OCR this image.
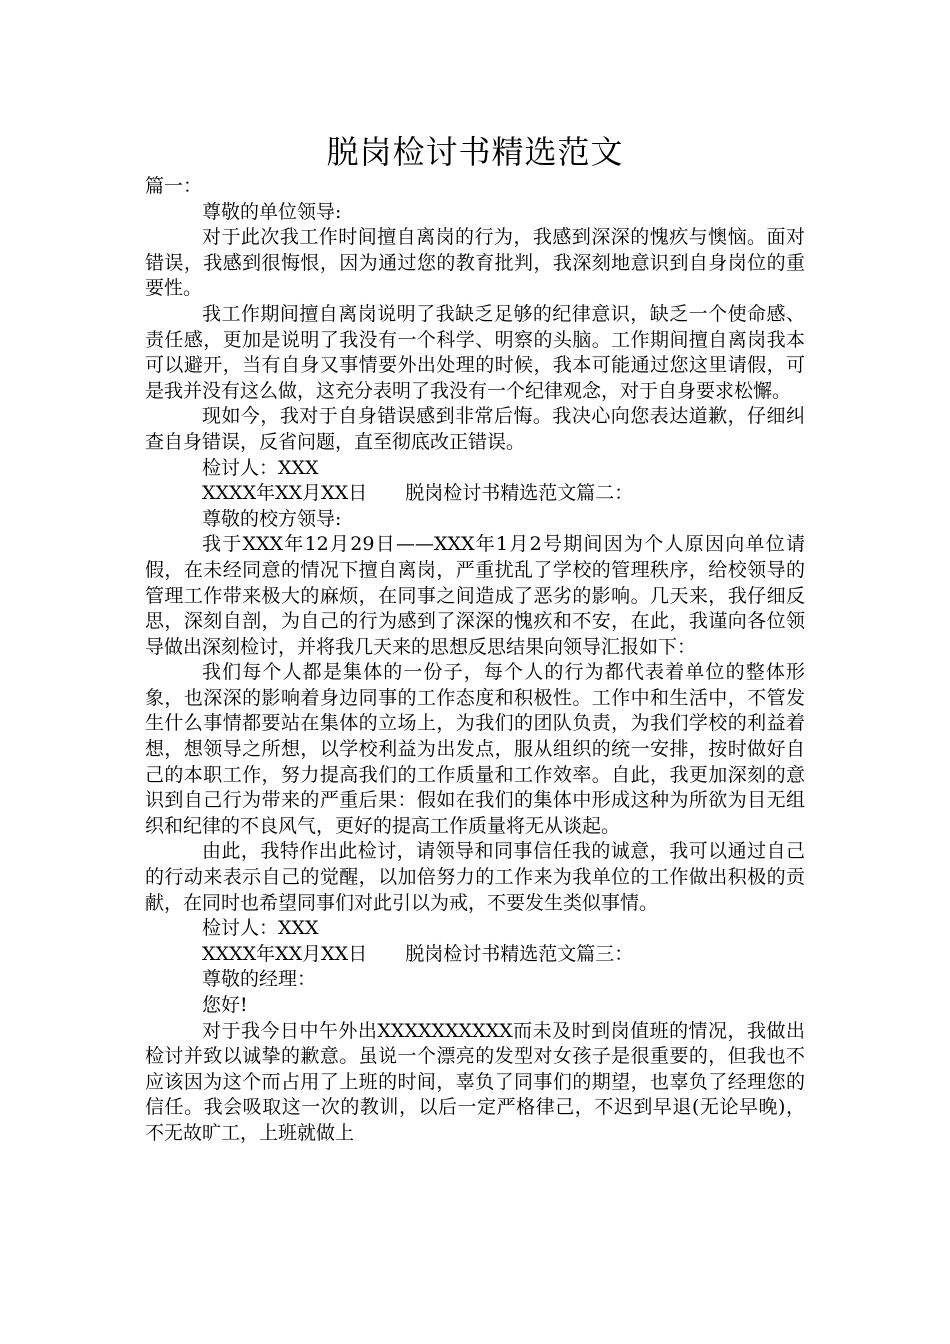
脱岗检讨书精选范文

篇一：

尊敬的单位领导:

对于此次我工作时间擅自离岗的行为，我感到深深的愧疚与懊恼。面对错误，我感到很悔恨，因为通过您的教育批判，我深刻地意识到自身岗位的重要性。

我工作期间擅自离岗说明了我缺乏足够的纪律意识，缺乏一个使命感、责任感，更加是说明了我没有一个科学、明察的头脑。工作期间擅自离岗我本可以避开，当有自身又事情要外出处理的时候，我本可能通过您这里请假，可是我并没有这么做，这充分表明了我没有一个纪律观念，对于自身要求松懈。

现如今，我对于自身错误感到非常后悔。我决心向您表达道歉，仔细纠查自身错误，反省问题，直至彻底改正错误。

检讨人：XXX

XXXX年XX月XX日　　脱岗检讨书精选范文篇二：

尊敬的校方领导:

我于XXX年12月29日——XXX年1月2号期间因为个人原因向单位请假，在未经同意的情况下擅自离岗，严重扰乱了学校的管理秩序，给校领导的管理工作带来极大的麻烦，在同事之间造成了恶劣的影响。几天来，我仔细反思，深刻自剖，为自己的行为感到了深深的愧疚和不安，在此，我谨向各位领导做出深刻检讨，并将我几天来的思想反思结果向领导汇报如下：

我们每个人都是集体的一份子，每个人的行为都代表着单位的整体形象，也深深的影响着身边同事的工作态度和积极性。工作中和生活中，不管发生什么事情都要站在集体的立场上，为我们的团队负责，为我们学校的利益着想，想领导之所想，以学校利益为出发点，服从组织的统一安排，按时做好自己的本职工作，努力提高我们的工作质量和工作效率。自此，我更加深刻的意识到自己行为带来的严重后果：假如在我们的集体中形成这种为所欲为目无组织和纪律的不良风气，更好的提高工作质量将无从谈起。

由此，我特作出此检讨，请领导和同事信任我的诚意，我可以通过自己的行动来表示自己的觉醒，以加倍努力的工作来为我单位的工作做出积极的贡献，在同时也希望同事们对此引以为戒，不要发生类似事情。

检讨人：XXX

XXXX年XX月XX日　　脱岗检讨书精选范文篇三：

尊敬的经理：

您好!

对于我今日中午外出XXXXXXXXXX而未及时到岗值班的情况，我做出检讨并致以诚挚的歉意。虽说一个漂亮的发型对女孩子是很重要的，但我也不应该因为这个而占用了上班的时间，辜负了同事们的期望，也辜负了经理您的信任。我会吸取这一次的教训，以后一定严格律己，不迟到早退(无论早晚)，不无故旷工，上班就做上
